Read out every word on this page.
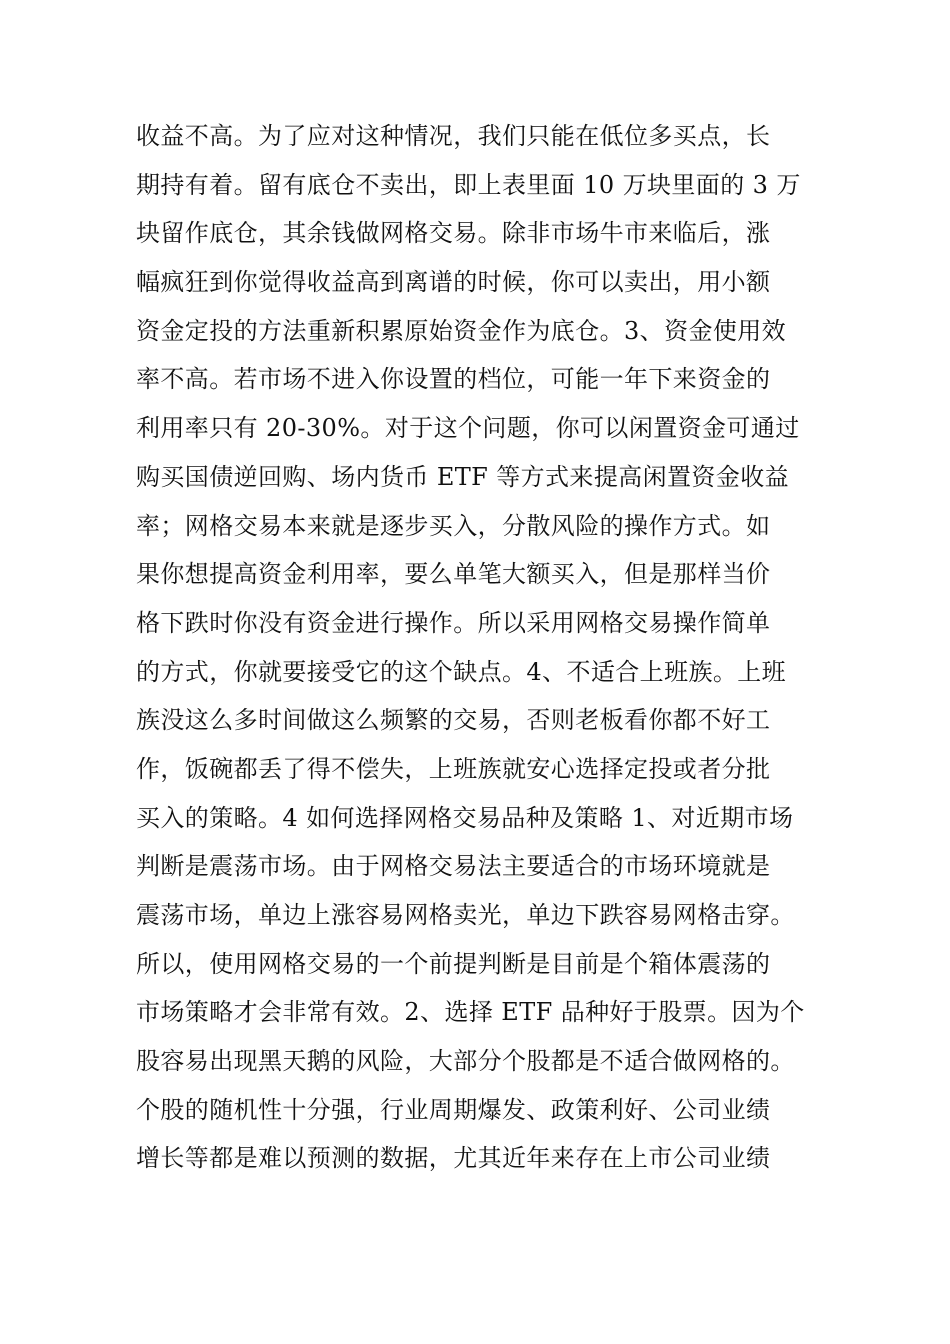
收益不高。为了应对这种情况，我们只能在低位多买点，长
期持有着。留有底仓不卖出，即上表里面 10 万块里面的 3 万
块留作底仓，其余钱做网格交易。除非市场牛市来临后，涨
幅疯狂到你觉得收益高到离谱的时候，你可以卖出，用小额
资金定投的方法重新积累原始资金作为底仓。3、资金使用效
率不高。若市场不进入你设置的档位，可能一年下来资金的
利用率只有 20-30%。对于这个问题，你可以闲置资金可通过
购买国债逆回购、场内货币 ETF 等方式来提高闲置资金收益
率；网格交易本来就是逐步买入，分散风险的操作方式。如
果你想提高资金利用率，要么单笔大额买入，但是那样当价
格下跌时你没有资金进行操作。所以采用网格交易操作简单
的方式，你就要接受它的这个缺点。4、不适合上班族。上班
族没这么多时间做这么频繁的交易，否则老板看你都不好工
作，饭碗都丢了得不偿失，上班族就安心选择定投或者分批
买入的策略。4 如何选择网格交易品种及策略 1、对近期市场
判断是震荡市场。由于网格交易法主要适合的市场环境就是
震荡市场，单边上涨容易网格卖光，单边下跌容易网格击穿。
所以，使用网格交易的一个前提判断是目前是个箱体震荡的
市场策略才会非常有效。2、选择 ETF 品种好于股票。因为个
股容易出现黑天鹅的风险，大部分个股都是不适合做网格的。
个股的随机性十分强，行业周期爆发、政策利好、公司业绩
增长等都是难以预测的数据，尤其近年来存在上市公司业绩
